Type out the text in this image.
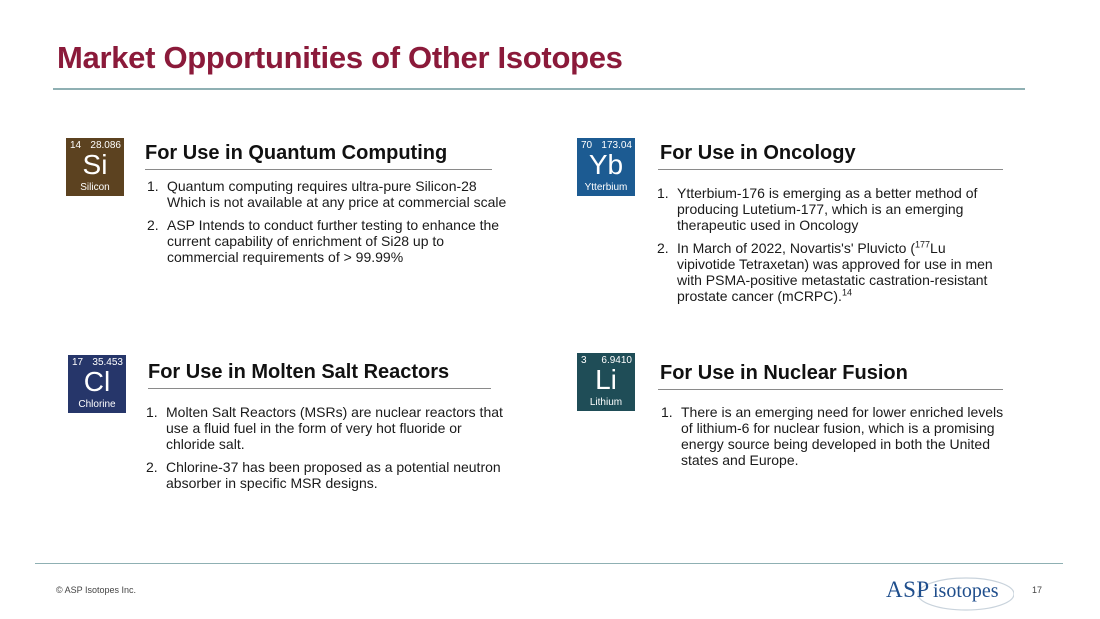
Market Opportunities of Other Isotopes
14 28.086
Si
Silicon
For Use in Quantum Computing
1. Quantum computing requires ultra-pure Silicon-28 Which is not available at any price at commercial scale
2. ASP Intends to conduct further testing to enhance the current capability of enrichment of Si28 up to commercial requirements of > 99.99%
70 173.04
Yb
Ytterbium
For Use in Oncology
1. Ytterbium-176 is emerging as a better method of producing Lutetium-177, which is an emerging therapeutic used in Oncology
2. In March of 2022, Novartis's' Pluvicto ($^{177}$Lu vipivotide Tetraxetan) was approved for use in men with PSMA-positive metastatic castration-resistant prostate cancer (mCRPC).$^{14}$
17 35.453
Cl
Chlorine
For Use in Molten Salt Reactors
1. Molten Salt Reactors (MSRs) are nuclear reactors that use a fluid fuel in the form of very hot fluoride or chloride salt.
2. Chlorine-37 has been proposed as a potential neutron absorber in specific MSR designs.
3 6.9410
Li
Lithium
For Use in Nuclear Fusion
1. There is an emerging need for lower enriched levels of lithium-6 for nuclear fusion, which is a promising energy source being developed in both the United states and Europe.
© ASP Isotopes Inc.	ASP isotopes	17
